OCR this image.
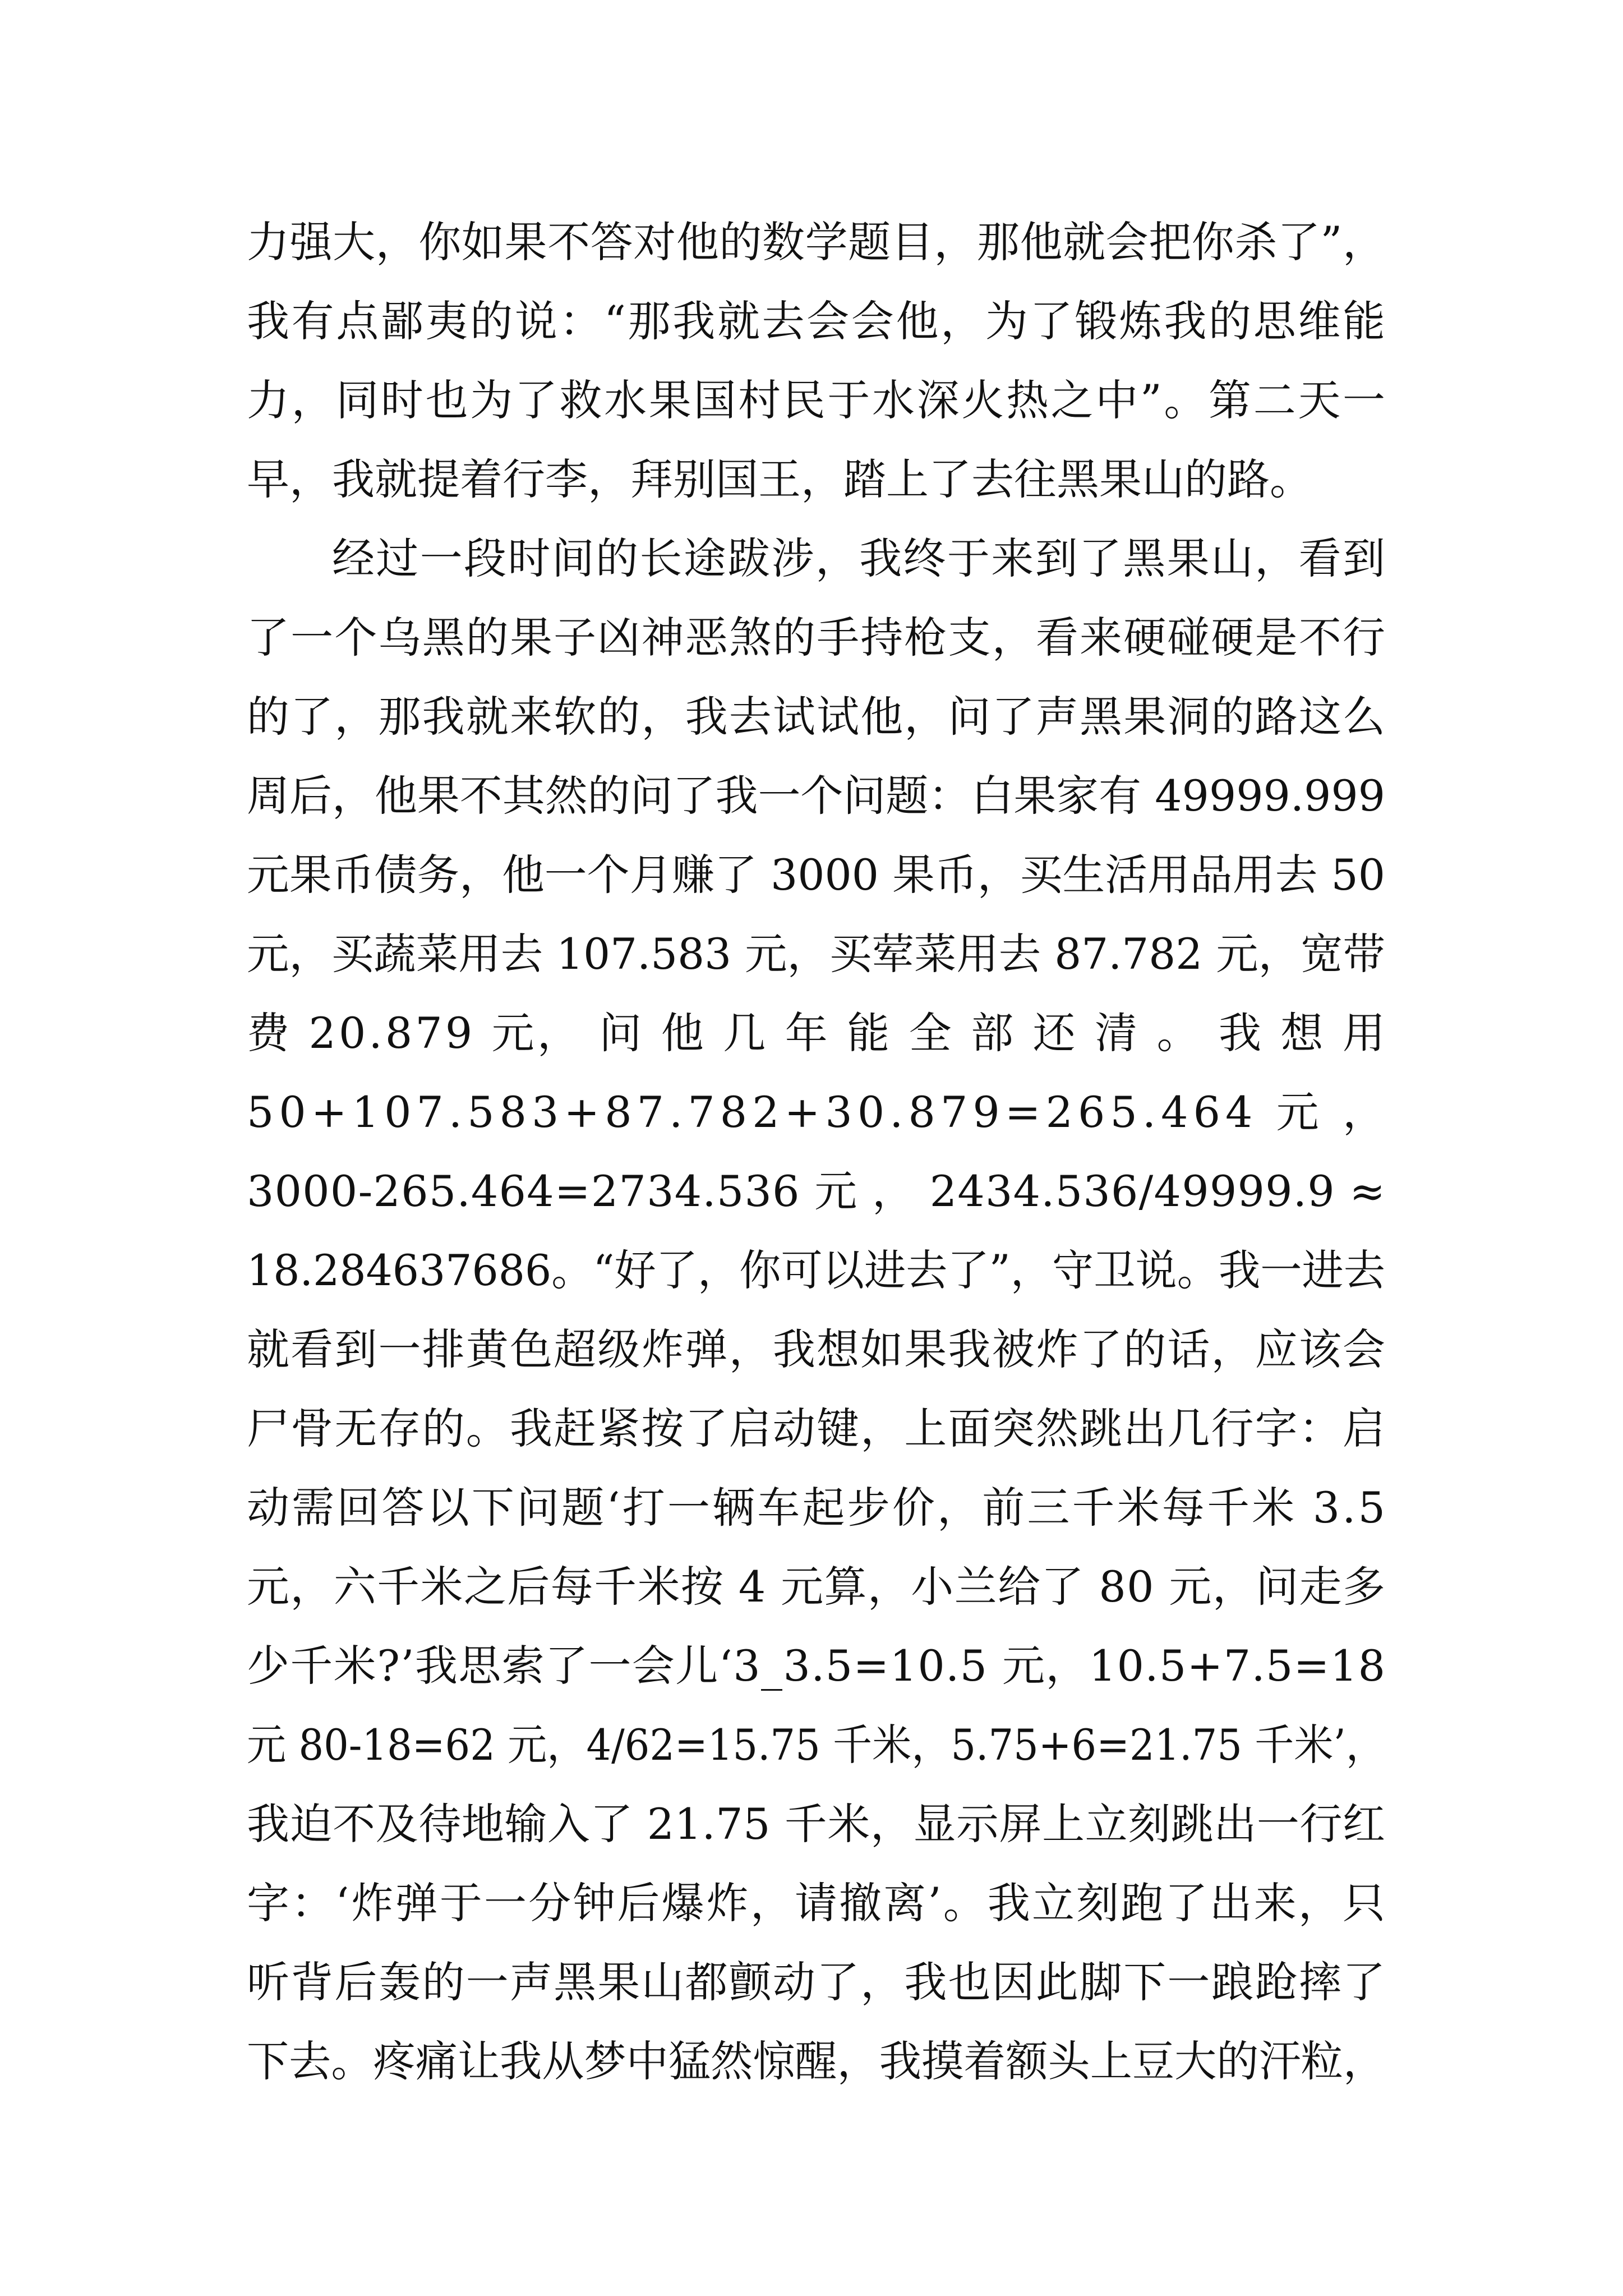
力强大，你如果不答对他的数学题目，那他就会把你杀了”，
我有点鄙夷的说：“那我就去会会他，为了锻炼我的思维能
力，同时也为了救水果国村民于水深火热之中”。第二天一
早，我就提着行李，拜别国王，踏上了去往黑果山的路。
经过一段时间的长途跋涉，我终于来到了黑果山，看到
了一个乌黑的果子凶神恶煞的手持枪支，看来硬碰硬是不行
的了，那我就来软的，我去试试他，问了声黑果洞的路这么
周后，他果不其然的问了我一个问题：白果家有 49999.999
元果币债务，他一个月赚了 3000 果币，买生活用品用去 50
元，买蔬菜用去 107.583 元，买荤菜用去 87.782 元，宽带
费 20.879 元， 问 他 几 年 能 全 部 还 清 。 我 想 用
50+107.583+87.782+30.879=265.464 元 ，
3000-265.464=2734.536 元 ， 2434.536/49999.9 ≈
18.284637686。“好了，你可以进去了”，守卫说。我一进去
就看到一排黄色超级炸弹，我想如果我被炸了的话，应该会
尸骨无存的。我赶紧按了启动键，上面突然跳出几行字：启
动需回答以下问题‘打一辆车起步价，前三千米每千米 3.5
元，六千米之后每千米按 4 元算，小兰给了 80 元，问走多
少千米?’我思索了一会儿‘3_3.5=10.5 元，10.5+7.5=18
元 80-18=62 元，4/62=15.75 千米，5.75+6=21.75 千米’，
我迫不及待地输入了 21.75 千米，显示屏上立刻跳出一行红
字：‘炸弹于一分钟后爆炸，请撤离’。我立刻跑了出来，只
听背后轰的一声黑果山都颤动了，我也因此脚下一踉跄摔了
下去。疼痛让我从梦中猛然惊醒，我摸着额头上豆大的汗粒，
